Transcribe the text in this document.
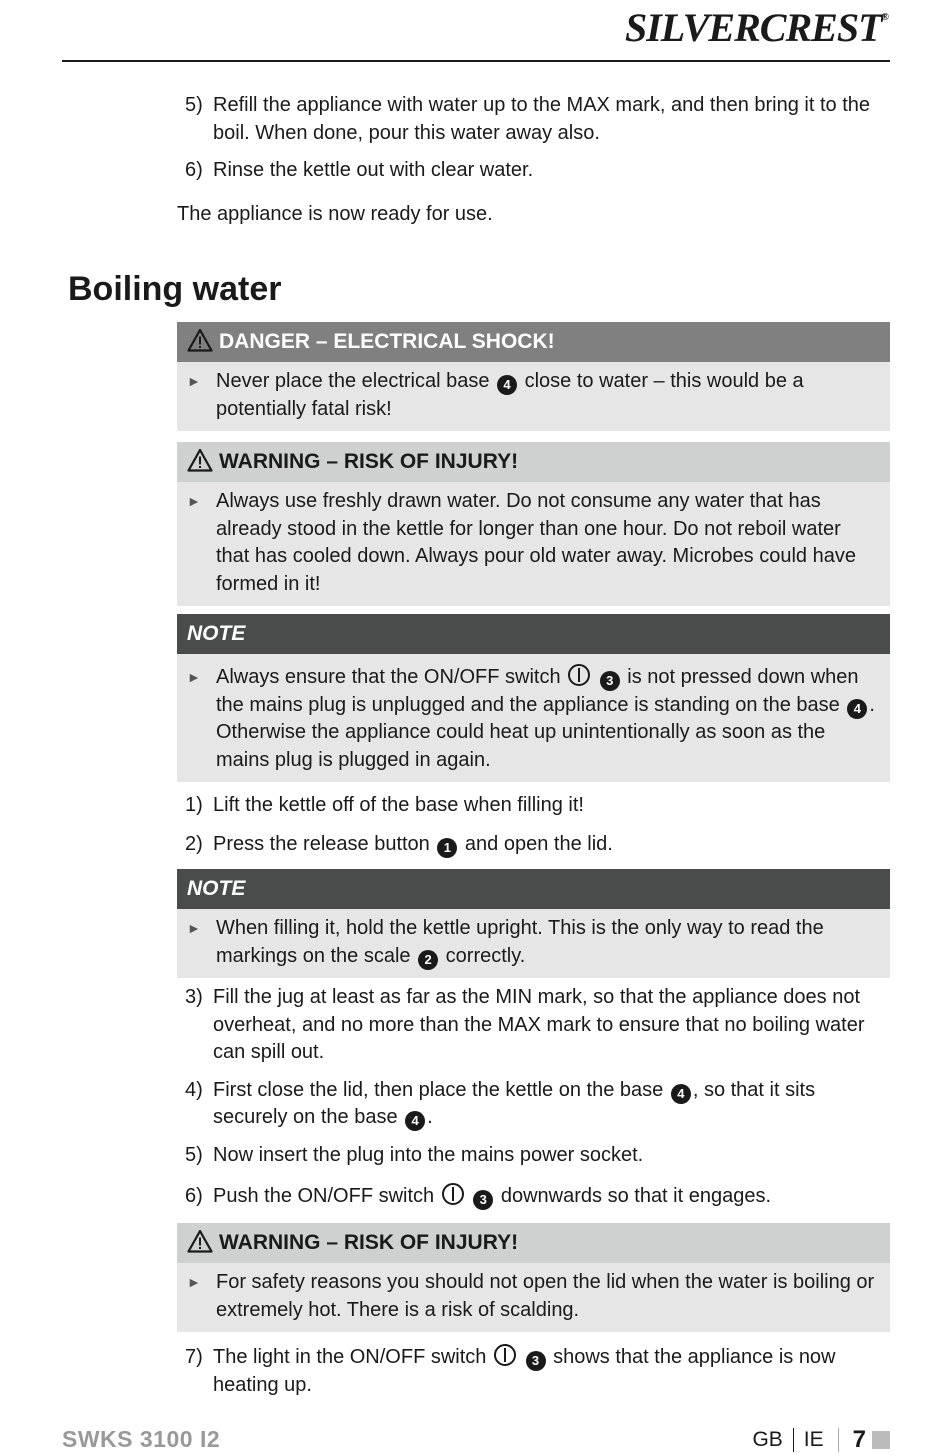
SILVERCREST®
5) Refill the appliance with water up to the MAX mark, and then bring it to the boil. When done, pour this water away also.
6) Rinse the kettle out with clear water.

The appliance is now ready for use.

Boiling water
DANGER – ELECTRICAL SHOCK!
► Never place the electrical base 4 close to water – this would be a potentially fatal risk!
WARNING – RISK OF INJURY!
► Always use freshly drawn water. Do not consume any water that has already stood in the kettle for longer than one hour. Do not reboil water that has cooled down. Always pour old water away. Microbes could have formed in it!
NOTE
► Always ensure that the ON/OFF switch	3 is not pressed down when the mains plug is unplugged and the appliance is standing on the base 4 . Otherwise the appliance could heat up unintentionally as soon as the mains plug is plugged in again.
1) Lift the kettle off of the base when filling it!
2) Press the release button 1 and open the lid.
NOTE
► When filling it, hold the kettle upright. This is the only way to read the markings on the scale 2 correctly.
3) Fill the jug at least as far as the MIN mark, so that the appliance does not overheat, and no more than the MAX mark to ensure that no boiling water can spill out.
4) First close the lid, then place the kettle on the base 4 , so that it sits securely on the base 4 .
5) Now insert the plug into the mains power socket.
6) Push the ON/OFF switch	3 downwards so that it engages.
WARNING – RISK OF INJURY!
► For safety reasons you should not open the lid when the water is boiling or extremely hot. There is a risk of scalding.
7) The light in the ON/OFF switch	3 shows that the appliance is now heating up.
SWKS 3100 I2	GB IE 7
